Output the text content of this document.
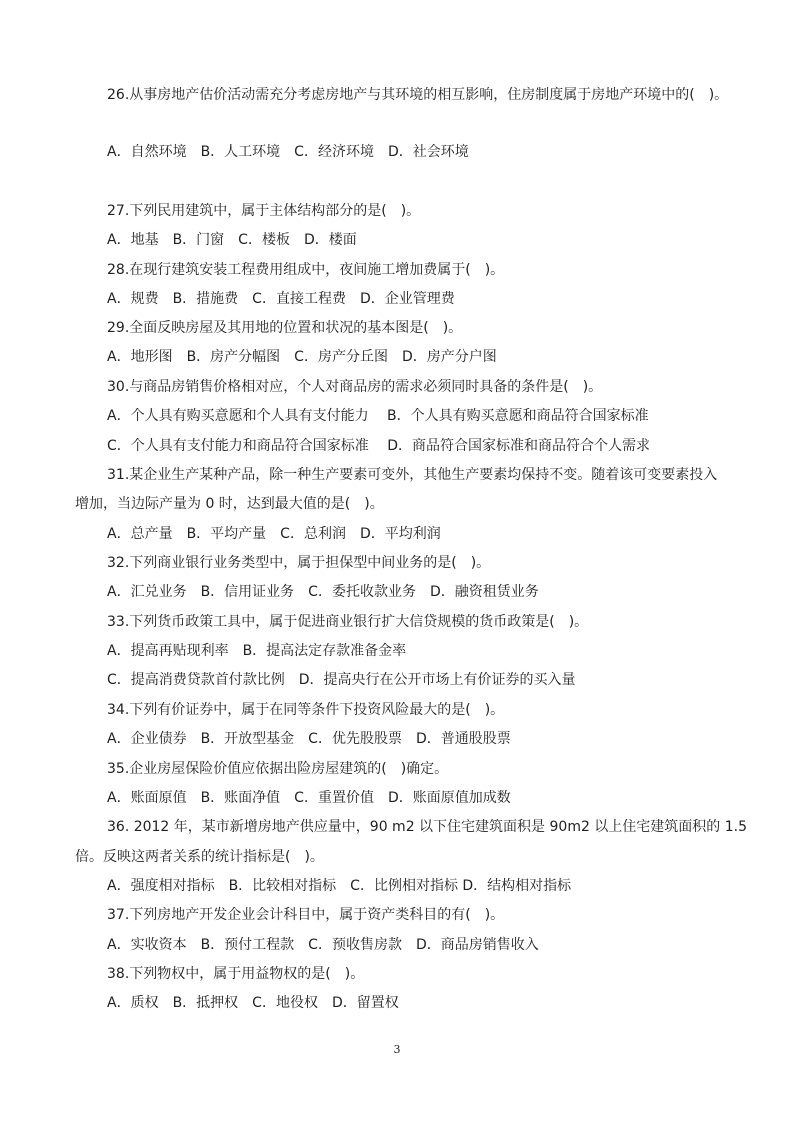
26.从事房地产估价活动需充分考虑房地产与其环境的相互影响，住房制度属于房地产环境中的(　)。
A．自然环境　B．人工环境　C．经济环境　D．社会环境
27.下列民用建筑中，属于主体结构部分的是(　)。
A．地基　B．门窗　C．楼板　D．楼面
28.在现行建筑安装工程费用组成中，夜间施工增加费属于(　)。
A．规费　B．措施费　C．直接工程费　D．企业管理费
29.全面反映房屋及其用地的位置和状况的基本图是(　)。
A．地形图　B．房产分幅图　C．房产分丘图　D．房产分户图
30.与商品房销售价格相对应，个人对商品房的需求必须同时具备的条件是(　)。
A．个人具有购买意愿和个人具有支付能力　 B．个人具有购买意愿和商品符合国家标准
C．个人具有支付能力和商品符合国家标准　 D．商品符合国家标准和商品符合个人需求
31.某企业生产某种产品，除一种生产要素可变外，其他生产要素均保持不变。随着该可变要素投入
增加，当边际产量为 0 时，达到最大值的是(　)。
A．总产量　B．平均产量　C．总利润　D．平均利润
32.下列商业银行业务类型中，属于担保型中间业务的是(　)。
A．汇兑业务　B．信用证业务　C．委托收款业务　D．融资租赁业务
33.下列货币政策工具中，属于促进商业银行扩大信贷规模的货币政策是(　)。
A．提高再贴现利率　B．提高法定存款准备金率
C．提高消费贷款首付款比例　D．提高央行在公开市场上有价证券的买入量
34.下列有价证券中，属于在同等条件下投资风险最大的是(　)。
A．企业债券　B．开放型基金　C．优先股股票　D．普通股股票
35.企业房屋保险价值应依据出险房屋建筑的(　)确定。
A．账面原值　B．账面净值　C．重置价值　D．账面原值加成数
36. 2012 年，某市新增房地产供应量中，90 m2 以下住宅建筑面积是 90m2 以上住宅建筑面积的 1.5
倍。反映这两者关系的统计指标是(　)。
A．强度相对指标　B．比较相对指标　C．比例相对指标 D．结构相对指标
37.下列房地产开发企业会计科目中，属于资产类科目的有(　)。
A．实收资本　B．预付工程款　C．预收售房款　D．商品房销售收入
38.下列物权中，属于用益物权的是(　)。
A．质权　B．抵押权　C．地役权　D．留置权
3
